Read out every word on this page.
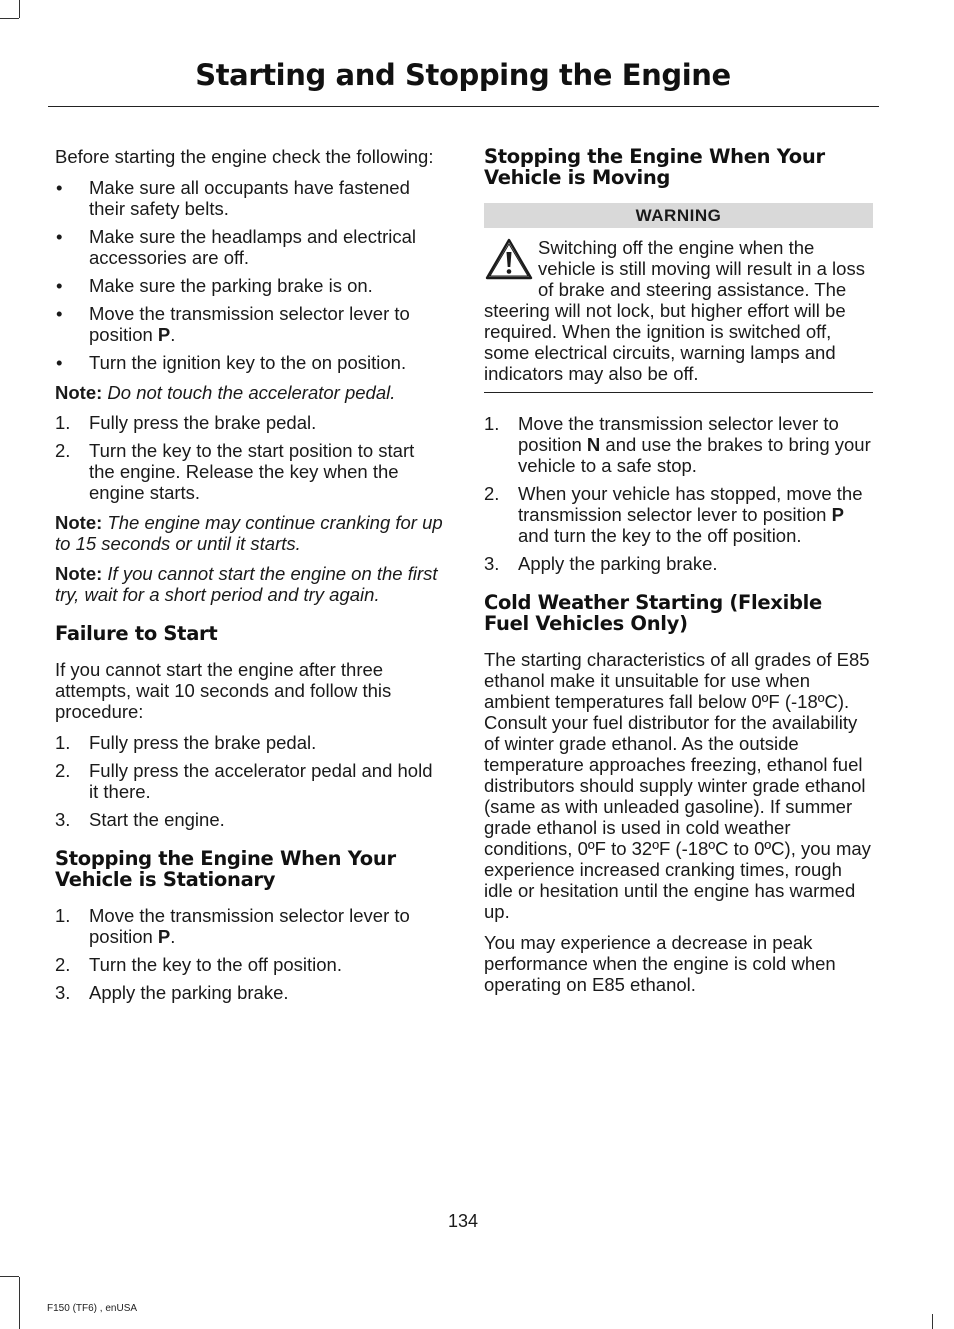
Starting and Stopping the Engine
Before starting the engine check the following:
• Make sure all occupants have fastened their safety belts.
• Make sure the headlamps and electrical accessories are off.
• Make sure the parking brake is on.
• Move the transmission selector lever to position P.
• Turn the ignition key to the on position.
Note: Do not touch the accelerator pedal.
1. Fully press the brake pedal.
2. Turn the key to the start position to start the engine. Release the key when the engine starts.
Note: The engine may continue cranking for up to 15 seconds or until it starts.
Note: If you cannot start the engine on the first try, wait for a short period and try again.
Failure to Start
If you cannot start the engine after three attempts, wait 10 seconds and follow this procedure:
1. Fully press the brake pedal.
2. Fully press the accelerator pedal and hold it there.
3. Start the engine.
Stopping the Engine When Your Vehicle is Stationary
1. Move the transmission selector lever to position P.
2. Turn the key to the off position.
3. Apply the parking brake.
Stopping the Engine When Your Vehicle is Moving
WARNING
Switching off the engine when the vehicle is still moving will result in a loss of brake and steering assistance. The steering will not lock, but higher effort will be required. When the ignition is switched off, some electrical circuits, warning lamps and indicators may also be off.
1. Move the transmission selector lever to position N and use the brakes to bring your vehicle to a safe stop.
2. When your vehicle has stopped, move the transmission selector lever to position P and turn the key to the off position.
3. Apply the parking brake.
Cold Weather Starting (Flexible Fuel Vehicles Only)
The starting characteristics of all grades of E85 ethanol make it unsuitable for use when ambient temperatures fall below 0ºF (-18ºC). Consult your fuel distributor for the availability of winter grade ethanol. As the outside temperature approaches freezing, ethanol fuel distributors should supply winter grade ethanol (same as with unleaded gasoline). If summer grade ethanol is used in cold weather conditions, 0ºF to 32ºF (-18ºC to 0ºC), you may experience increased cranking times, rough idle or hesitation until the engine has warmed up.
You may experience a decrease in peak performance when the engine is cold when operating on E85 ethanol.
134
F150 (TF6) , enUSA
